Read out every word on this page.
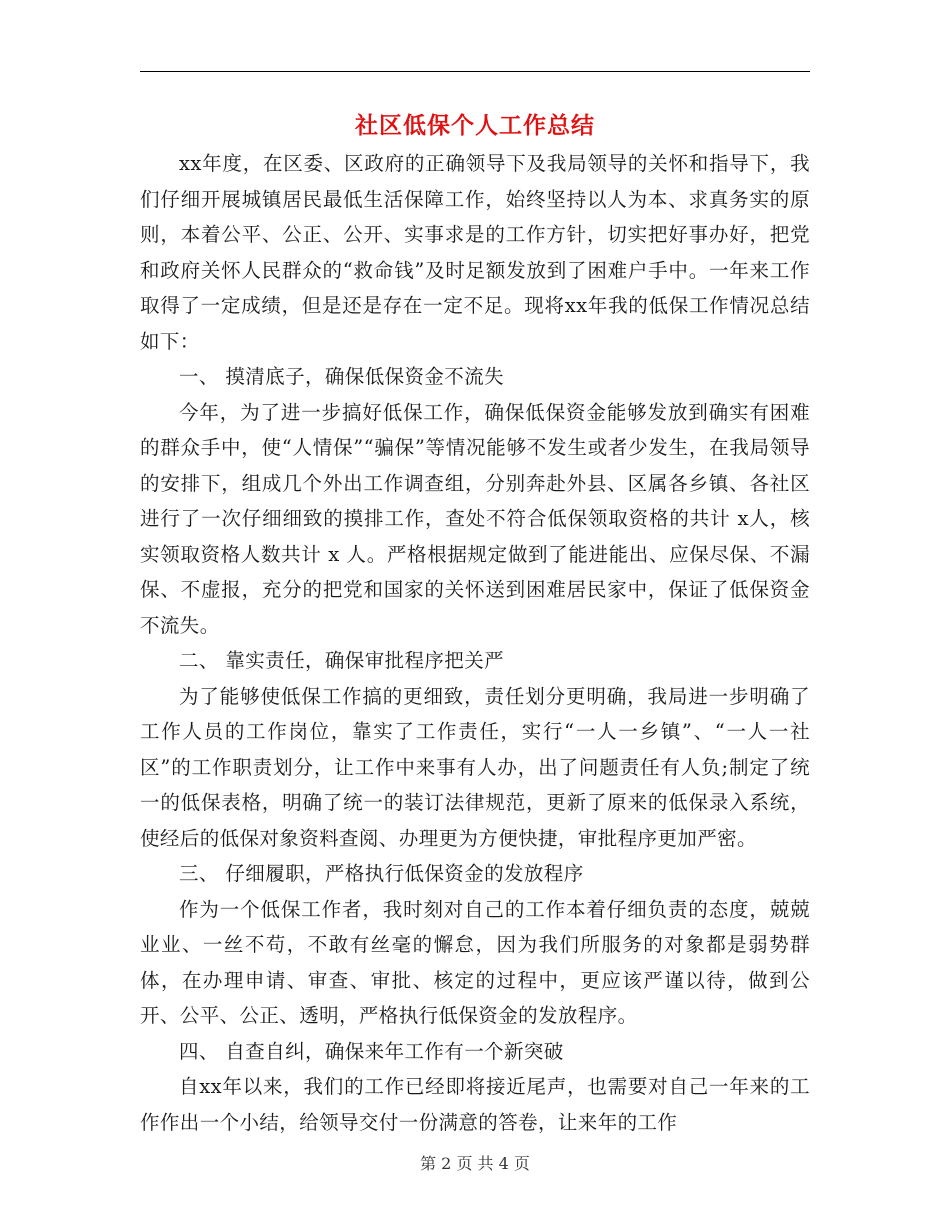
社区低保个人工作总结

xx年度，在区委、区政府的正确领导下及我局领导的关怀和指导下，我们仔细开展城镇居民最低生活保障工作，始终坚持以人为本、求真务实的原则，本着公平、公正、公开、实事求是的工作方针，切实把好事办好，把党和政府关怀人民群众的“救命钱”及时足额发放到了困难户手中。一年来工作取得了一定成绩，但是还是存在一定不足。现将xx年我的低保工作情况总结如下：

一、 摸清底子，确保低保资金不流失

今年，为了进一步搞好低保工作，确保低保资金能够发放到确实有困难的群众手中，使“人情保”“骗保”等情况能够不发生或者少发生，在我局领导的安排下，组成几个外出工作调查组，分别奔赴外县、区属各乡镇、各社区进行了一次仔细细致的摸排工作，查处不符合低保领取资格的共计 x人，核实领取资格人数共计 x 人。严格根据规定做到了能进能出、应保尽保、不漏保、不虚报，充分的把党和国家的关怀送到困难居民家中，保证了低保资金不流失。

二、 靠实责任，确保审批程序把关严

为了能够使低保工作搞的更细致，责任划分更明确，我局进一步明确了工作人员的工作岗位，靠实了工作责任，实行“一人一乡镇”、“一人一社区”的工作职责划分，让工作中来事有人办，出了问题责任有人负;制定了统一的低保表格，明确了统一的装订法律规范，更新了原来的低保录入系统，使经后的低保对象资料查阅、办理更为方便快捷，审批程序更加严密。

三、 仔细履职，严格执行低保资金的发放程序

作为一个低保工作者，我时刻对自己的工作本着仔细负责的态度，兢兢业业、一丝不苟，不敢有丝毫的懈怠，因为我们所服务的对象都是弱势群体，在办理申请、审查、审批、核定的过程中，更应该严谨以待，做到公开、公平、公正、透明，严格执行低保资金的发放程序。

四、 自查自纠，确保来年工作有一个新突破

自xx年以来，我们的工作已经即将接近尾声，也需要对自己一年来的工作作出一个小结，给领导交付一份满意的答卷，让来年的工作

第 2 页 共 4 页
